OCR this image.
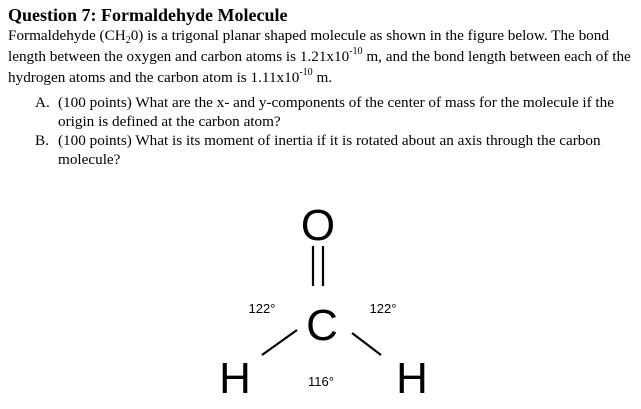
Question 7: Formaldehyde Molecule

Formaldehyde $(CH_20)$ is a trigonal planar shaped molecule as shown in the figure below. The bond length between the oxygen and carbon atoms is $1.21x10^{-10}$ m, and the bond length between each of the hydrogen atoms and the carbon atom is $1.11x10^{-10}$ m.

A. (100 points) What are the x- and y-components of the center of mass for the molecule if the origin is defined at the carbon atom?
B. (100 points) What is its moment of inertia if it is rotated about an axis through the carbon molecule?
O
C
H	H
122°	122°
116°
